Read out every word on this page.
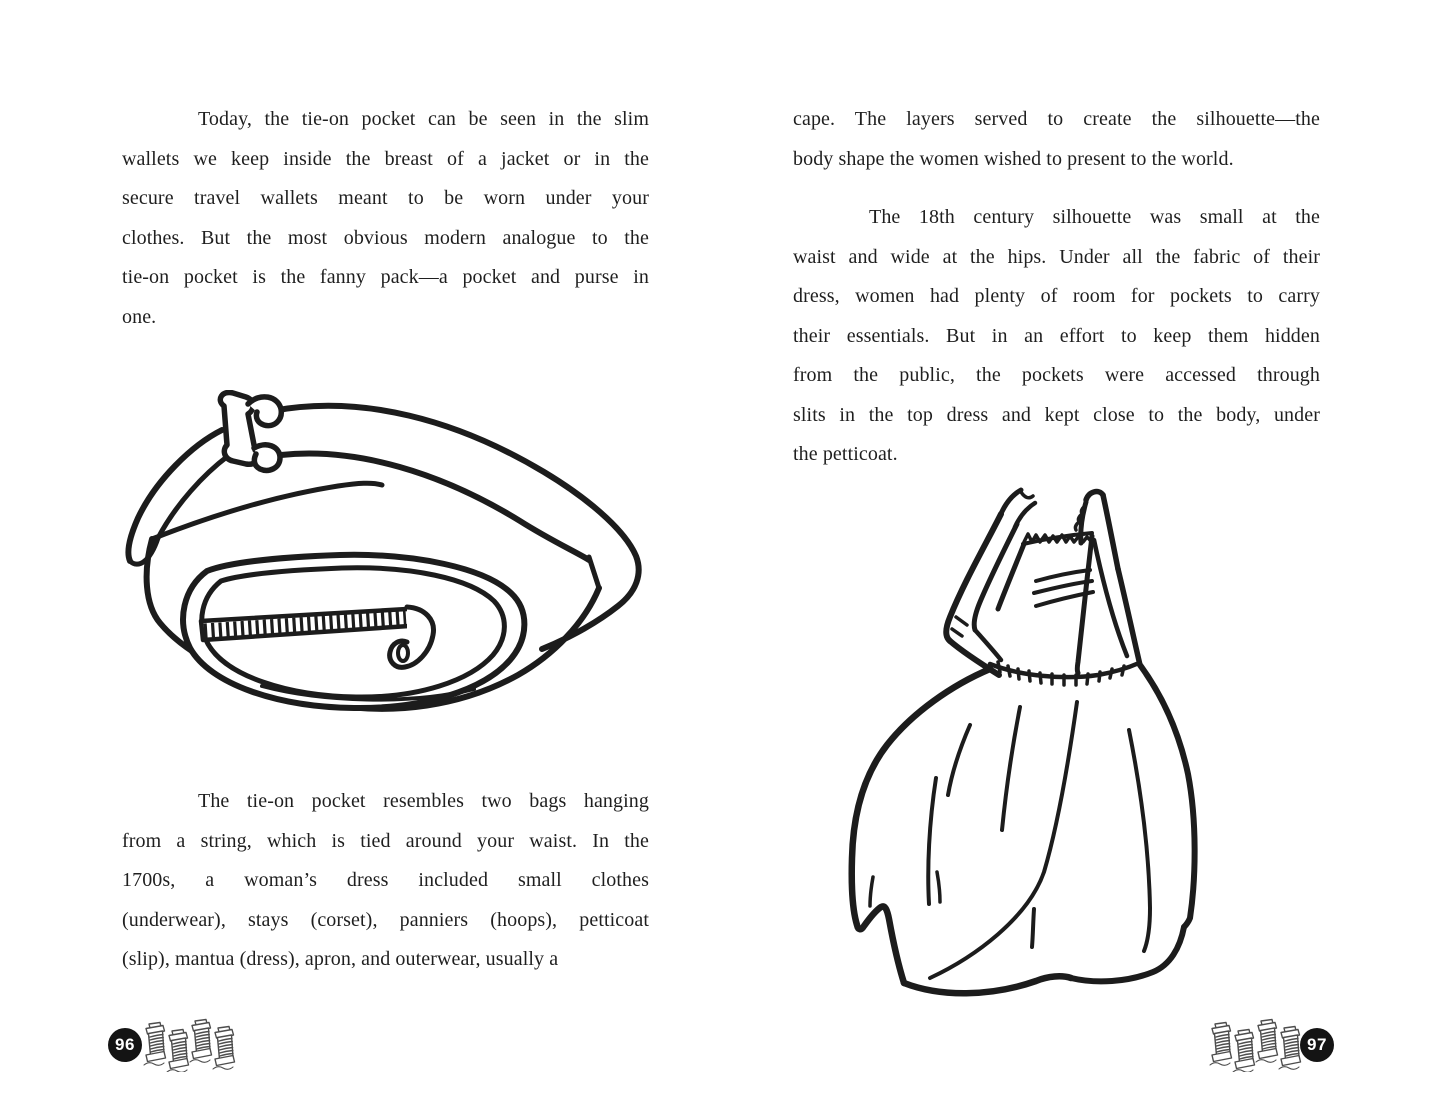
Today, the tie-on pocket can be seen in the slim
wallets we keep inside the breast of a jacket or in the
secure travel wallets meant to be worn under your
clothes. But the most obvious modern analogue to the
tie-on pocket is the fanny pack—a pocket and purse in
one.
The tie-on pocket resembles two bags hanging
from a string, which is tied around your waist. In the
1700s, a woman’s dress included small clothes
(underwear), stays (corset), panniers (hoops), petticoat
(slip), mantua (dress), apron, and outerwear, usually a
96
cape. The layers served to create the silhouette—the
body shape the women wished to present to the world.
The 18th century silhouette was small at the
waist and wide at the hips. Under all the fabric of their
dress, women had plenty of room for pockets to carry
their essentials. But in an effort to keep them hidden
from the public, the pockets were accessed through
slits in the top dress and kept close to the body, under
the petticoat.
97
